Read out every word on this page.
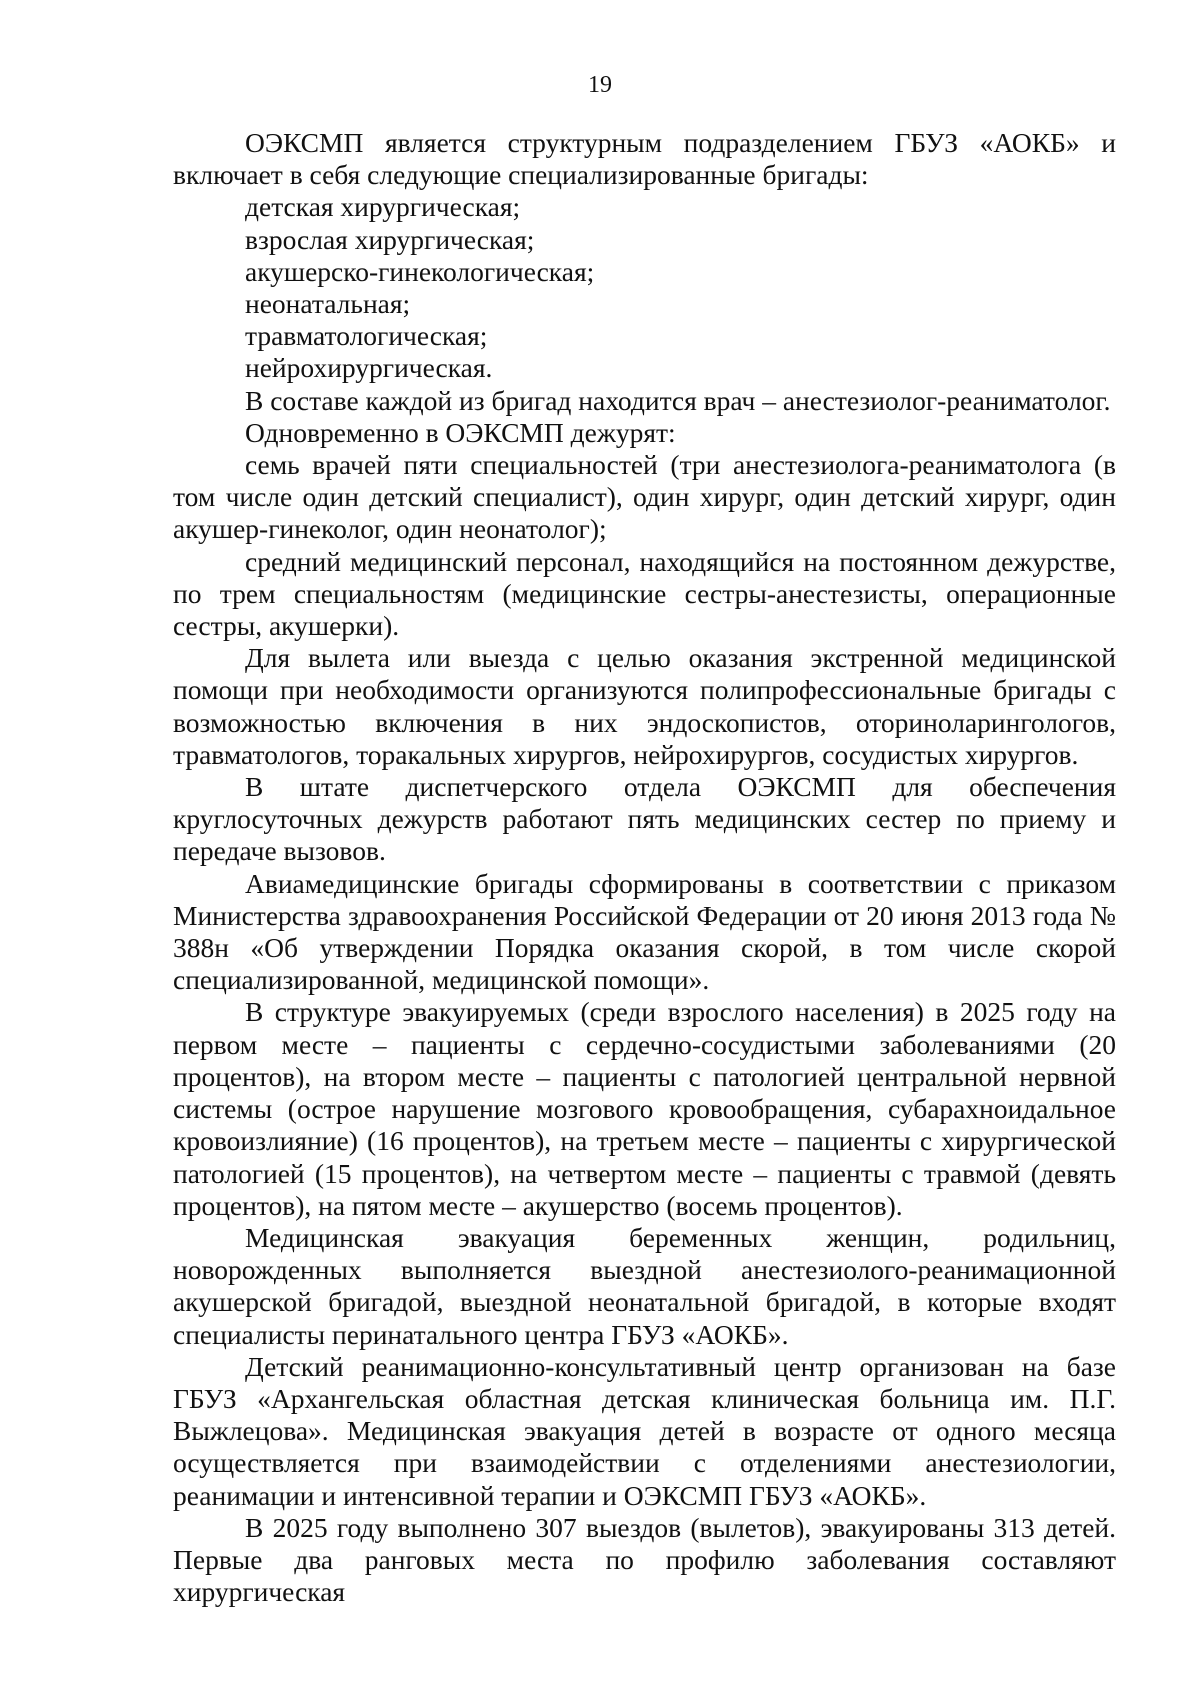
19

ОЭКСМП является структурным подразделением ГБУЗ «АОКБ» и включает в себя следующие специализированные бригады:

детская хирургическая;

взрослая хирургическая;

акушерско-гинекологическая;

неонатальная;

травматологическая;

нейрохирургическая.

В составе каждой из бригад находится врач – анестезиолог-реаниматолог.

Одновременно в ОЭКСМП дежурят:

семь врачей пяти специальностей (три анестезиолога-реаниматолога (в том числе один детский специалист), один хирург, один детский хирург, один акушер-гинеколог, один неонатолог);

средний медицинский персонал, находящийся на постоянном дежурстве, по трем специальностям (медицинские сестры-анестезисты, операционные сестры, акушерки).

Для вылета или выезда с целью оказания экстренной медицинской помощи при необходимости организуются полипрофессиональные бригады с возможностью включения в них эндоскопистов, оториноларингологов, травматологов, торакальных хирургов, нейрохирургов, сосудистых хирургов.

В штате диспетчерского отдела ОЭКСМП для обеспечения круглосуточных дежурств работают пять медицинских сестер по приему и передаче вызовов.

Авиамедицинские бригады сформированы в соответствии с приказом Министерства здравоохранения Российской Федерации от 20 июня 2013 года № 388н «Об утверждении Порядка оказания скорой, в том числе скорой специализированной, медицинской помощи».

В структуре эвакуируемых (среди взрослого населения) в 2025 году на первом месте – пациенты с сердечно-сосудистыми заболеваниями (20 процентов), на втором месте – пациенты с патологией центральной нервной системы (острое нарушение мозгового кровообращения, субарахноидальное кровоизлияние) (16 процентов), на третьем месте – пациенты с хирургической патологией (15 процентов), на четвертом месте – пациенты с травмой (девять процентов), на пятом месте – акушерство (восемь процентов).

Медицинская эвакуация беременных женщин, родильниц, новорожденных выполняется выездной анестезиолого-реанимационной акушерской бригадой, выездной неонатальной бригадой, в которые входят специалисты перинатального центра ГБУЗ «АОКБ».

Детский реанимационно-консультативный центр организован на базе ГБУЗ «Архангельская областная детская клиническая больница им. П.Г. Выжлецова». Медицинская эвакуация детей в возрасте от одного месяца осуществляется при взаимодействии с отделениями анестезиологии, реанимации и интенсивной терапии и ОЭКСМП ГБУЗ «АОКБ».

В 2025 году выполнено 307 выездов (вылетов), эвакуированы 313 детей. Первые два ранговых места по профилю заболевания составляют хирургическая
